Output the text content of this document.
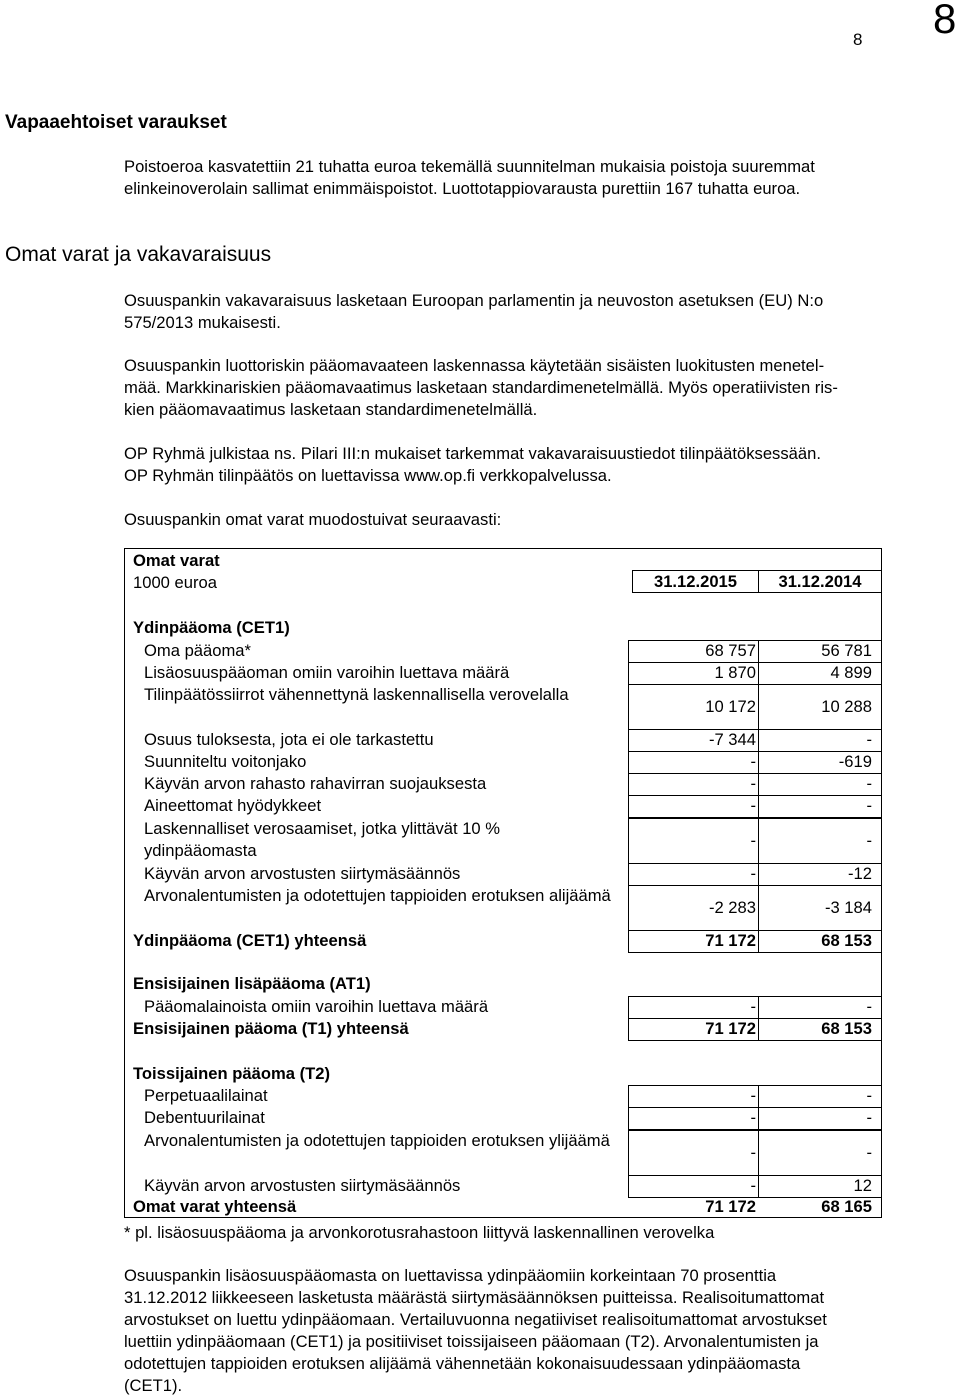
8 8
Vapaaehtoiset varaukset

Poistoeroa kasvatettiin 21 tuhatta euroa tekemällä suunnitelman mukaisia poistoja suuremmat

elinkeinoverolain sallimat enimmäispoistot. Luottotappiovarausta purettiin 167 tuhatta euroa.

Omat varat ja vakavaraisuus

Osuuspankin vakavaraisuus lasketaan Euroopan parlamentin ja neuvoston asetuksen (EU) N:o

575/2013 mukaisesti.

Osuuspankin luottoriskin pääomavaateen laskennassa käytetään sisäisten luokitusten menetel-

mää. Markkinariskien pääomavaatimus lasketaan standardimenetelmällä. Myös operatiivisten ris-

kien pääomavaatimus lasketaan standardimenetelmällä.

OP Ryhmä julkistaa ns. Pilari III:n mukaiset tarkemmat vakavaraisuustiedot tilinpäätöksessään.

OP Ryhmän tilinpäätös on luettavissa www.op.fi verkkopalvelussa.

Osuuspankin omat varat muodostuivat seuraavasti:

Omat varat
1000 euroa	31.12.2015	31.12.2014
Ydinpääoma (CET1)
Oma pääoma*	68 757	56 781
Lisäosuuspääoman omiin varoihin luettava määrä	1 870	4 899
Tilinpäätössiirrot vähennettynä laskennallisella verovelalla
10 172	10 288
Osuus tuloksesta, jota ei ole tarkastettu	-7 344	-
Suunniteltu voitonjako	-	-619
Käyvän arvon rahasto rahavirran suojauksesta	-	-
Aineettomat hyödykkeet	-	-
Laskennalliset verosaamiset, jotka ylittävät 10 % ydinpääomasta
-	-
Käyvän arvon arvostusten siirtymäsäännös	-	-12
Arvonalentumisten ja odotettujen tappioiden erotuksen alijäämä
-2 283	-3 184
Ydinpääoma (CET1) yhteensä	71 172	68 153
Ensisijainen lisäpääoma (AT1)
Pääomalainoista omiin varoihin luettava määrä	-	-
Ensisijainen pääoma (T1) yhteensä	71 172	68 153
Toissijainen pääoma (T2)
Perpetuaalilainat	-	-
Debentuurilainat	-	-
Arvonalentumisten ja odotettujen tappioiden erotuksen ylijäämä
-	-
Käyvän arvon arvostusten siirtymäsäännös	-	12
Omat varat yhteensä	71 172	68 165
* pl. lisäosuuspääoma ja arvonkorotusrahastoon liittyvä laskennallinen verovelka

Osuuspankin lisäosuuspääomasta on luettavissa ydinpääomiin korkeintaan 70 prosenttia

31.12.2012 liikkeeseen lasketusta määrästä siirtymäsäännöksen puitteissa. Realisoitumattomat

arvostukset on luettu ydinpääomaan. Vertailuvuonna negatiiviset realisoitumattomat arvostukset

luettiin ydinpääomaan (CET1) ja positiiviset toissijaiseen pääomaan (T2). Arvonalentumisten ja

odotettujen tappioiden erotuksen alijäämä vähennetään kokonaisuudessaan ydinpääomasta

(CET1).
